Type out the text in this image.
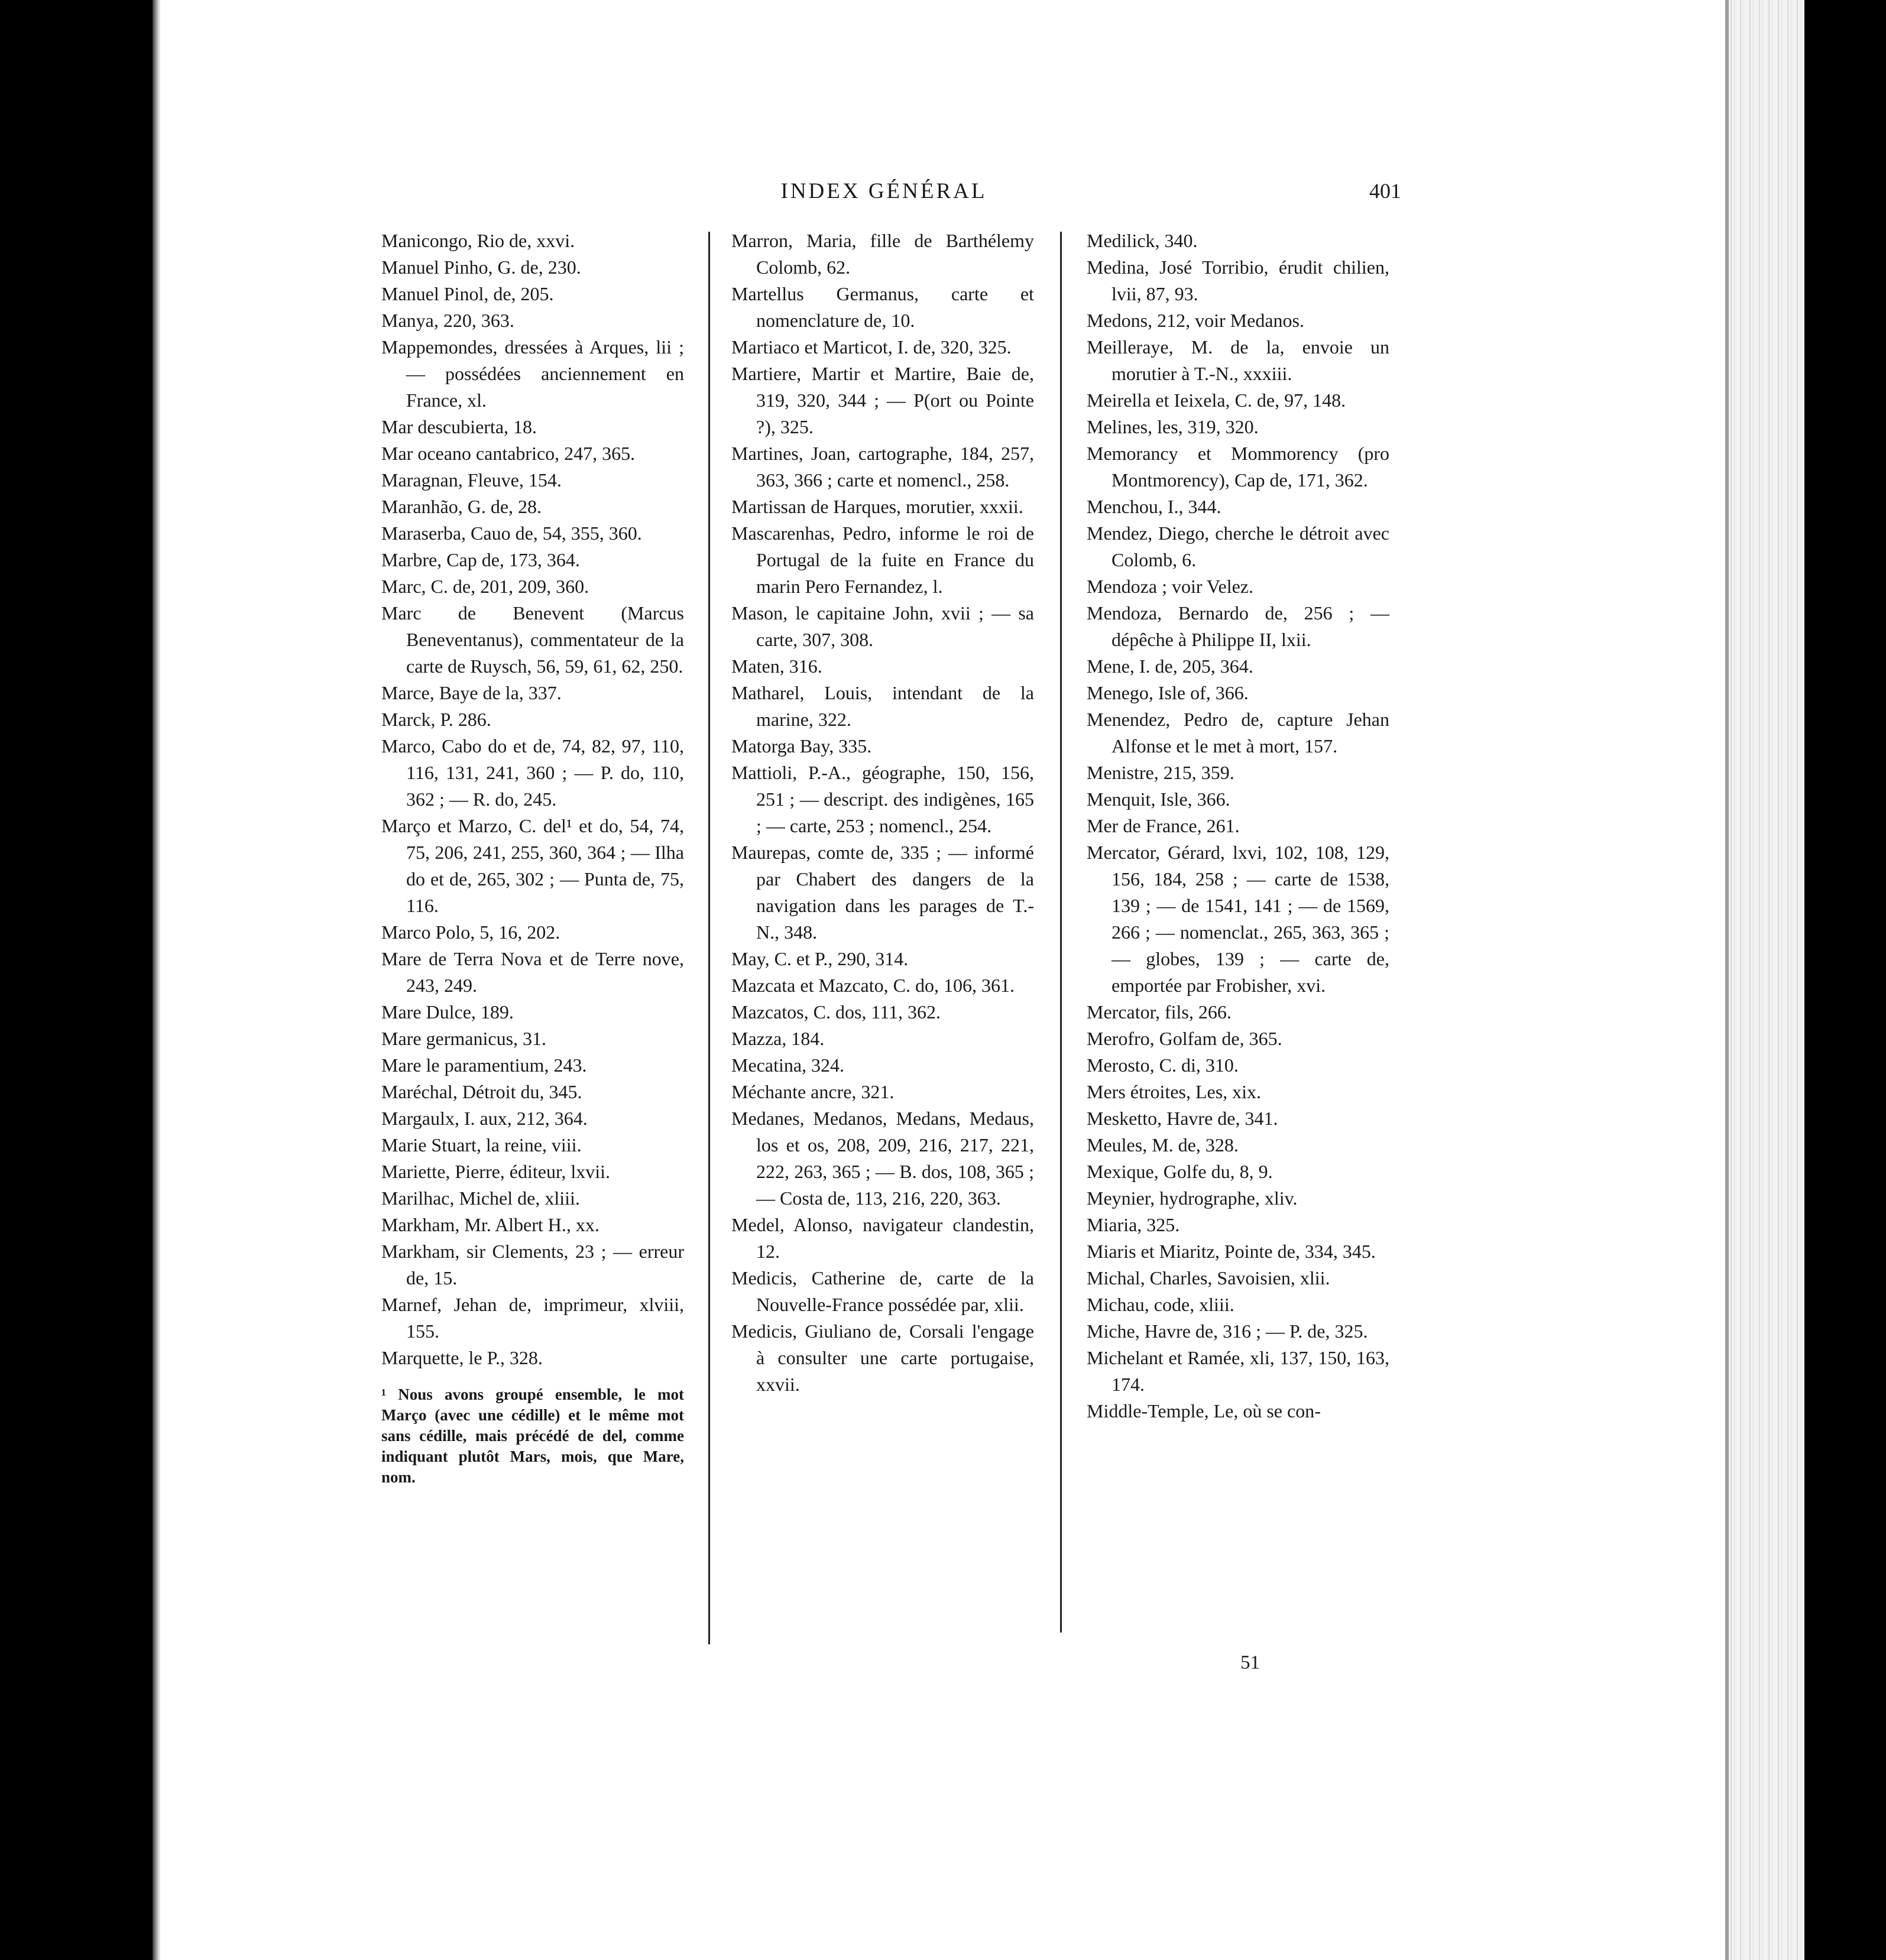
INDEX GÉNÉRAL	401
Manicongo, Rio de, xxvi.
Manuel Pinho, G. de, 230.
Manuel Pinol, de, 205.
Manya, 220, 363.
Mappemondes, dressées à Arques, lii ; — possédées anciennement en France, xl.
Mar descubierta, 18.
Mar oceano cantabrico, 247, 365.
Maragnan, Fleuve, 154.
Maranhão, G. de, 28.
Maraserba, Cauo de, 54, 355, 360.
Marbre, Cap de, 173, 364.
Marc, C. de, 201, 209, 360.
Marc de Benevent (Marcus Beneventanus), commentateur de la carte de Ruysch, 56, 59, 61, 62, 250.
Marce, Baye de la, 337.
Marck, P. 286.
Marco, Cabo do et de, 74, 82, 97, 110, 116, 131, 241, 360 ; — P. do, 110, 362 ; — R. do, 245.
Março et Marzo, C. del¹ et do, 54, 74, 75, 206, 241, 255, 360, 364 ; — Ilha do et de, 265, 302 ; — Punta de, 75, 116.
Marco Polo, 5, 16, 202.
Mare de Terra Nova et de Terre nove, 243, 249.
Mare Dulce, 189.
Mare germanicus, 31.
Mare le paramentium, 243.
Maréchal, Détroit du, 345.
Margaulx, I. aux, 212, 364.
Marie Stuart, la reine, viii.
Mariette, Pierre, éditeur, lxvii.
Marilhac, Michel de, xliii.
Markham, Mr. Albert H., xx.
Markham, sir Clements, 23 ; — erreur de, 15.
Marnef, Jehan de, imprimeur, xlviii, 155.
Marquette, le P., 328.
¹ Nous avons groupé ensemble, le mot Março (avec une cédille) et le même mot sans cédille, mais précédé de del, comme indiquant plutôt Mars, mois, que Mare, nom.
Marron, Maria, fille de Barthélemy Colomb, 62.
Martellus Germanus, carte et nomenclature de, 10.
Martiaco et Marticot, I. de, 320, 325.
Martiere, Martir et Martire, Baie de, 319, 320, 344 ; — P(ort ou Pointe ?), 325.
Martines, Joan, cartographe, 184, 257, 363, 366 ; carte et nomencl., 258.
Martissan de Harques, morutier, xxxii.
Mascarenhas, Pedro, informe le roi de Portugal de la fuite en France du marin Pero Fernandez, l.
Mason, le capitaine John, xvii ; — sa carte, 307, 308.
Maten, 316.
Matharel, Louis, intendant de la marine, 322.
Matorga Bay, 335.
Mattioli, P.-A., géographe, 150, 156, 251 ; — descript. des indigènes, 165 ; — carte, 253 ; nomencl., 254.
Maurepas, comte de, 335 ; — informé par Chabert des dangers de la navigation dans les parages de T.-N., 348.
May, C. et P., 290, 314.
Mazcata et Mazcato, C. do, 106, 361.
Mazcatos, C. dos, 111, 362.
Mazza, 184.
Mecatina, 324.
Méchante ancre, 321.
Medanes, Medanos, Medans, Medaus, los et os, 208, 209, 216, 217, 221, 222, 263, 365 ; — B. dos, 108, 365 ; — Costa de, 113, 216, 220, 363.
Medel, Alonso, navigateur clandestin, 12.
Medicis, Catherine de, carte de la Nouvelle-France possédée par, xlii.
Medicis, Giuliano de, Corsali l'engage à consulter une carte portugaise, xxvii.
Medilick, 340.
Medina, José Torribio, érudit chilien, lvii, 87, 93.
Medons, 212, voir Medanos.
Meilleraye, M. de la, envoie un morutier à T.-N., xxxiii.
Meirella et Ieixela, C. de, 97, 148.
Melines, les, 319, 320.
Memorancy et Mommorency (pro Montmorency), Cap de, 171, 362.
Menchou, I., 344.
Mendez, Diego, cherche le détroit avec Colomb, 6.
Mendoza ; voir Velez.
Mendoza, Bernardo de, 256 ; — dépêche à Philippe II, lxii.
Mene, I. de, 205, 364.
Menego, Isle of, 366.
Menendez, Pedro de, capture Jehan Alfonse et le met à mort, 157.
Menistre, 215, 359.
Menquit, Isle, 366.
Mer de France, 261.
Mercator, Gérard, lxvi, 102, 108, 129, 156, 184, 258 ; — carte de 1538, 139 ; — de 1541, 141 ; — de 1569, 266 ; — nomenclat., 265, 363, 365 ; — globes, 139 ; — carte de, emportée par Frobisher, xvi.
Mercator, fils, 266.
Merofro, Golfam de, 365.
Merosto, C. di, 310.
Mers étroites, Les, xix.
Mesketto, Havre de, 341.
Meules, M. de, 328.
Mexique, Golfe du, 8, 9.
Meynier, hydrographe, xliv.
Miaria, 325.
Miaris et Miaritz, Pointe de, 334, 345.
Michal, Charles, Savoisien, xlii.
Michau, code, xliii.
Miche, Havre de, 316 ; — P. de, 325.
Michelant et Ramée, xli, 137, 150, 163, 174.
Middle-Temple, Le, où se con-
51
